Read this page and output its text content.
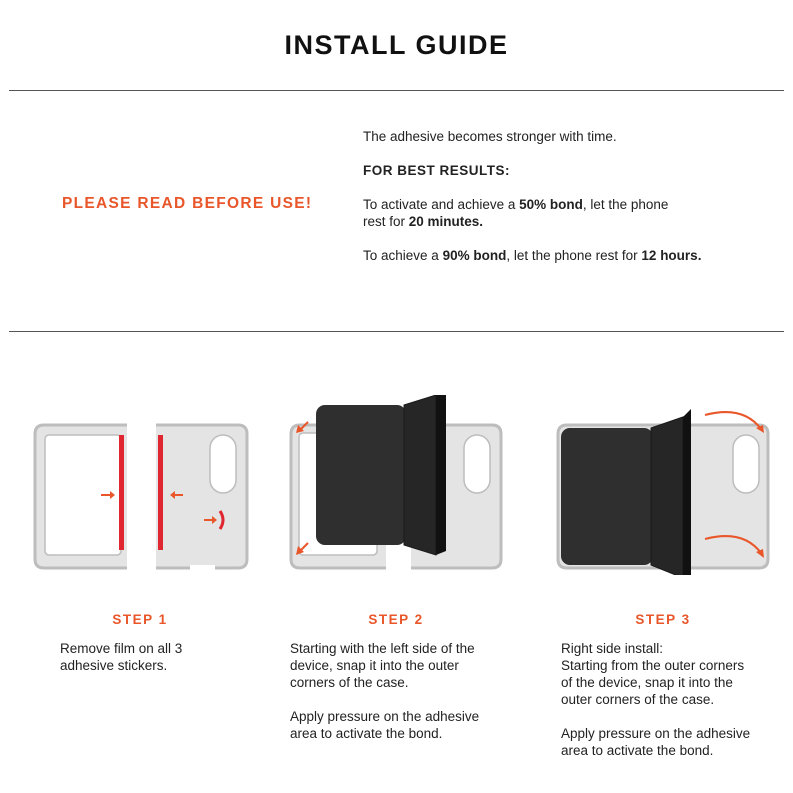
INSTALL GUIDE
PLEASE READ BEFORE USE!

The adhesive becomes stronger with time.

FOR BEST RESULTS:

To activate and achieve a 50% bond, let the phone
rest for 20 minutes.

To achieve a 90% bond, let the phone rest for 12 hours.

STEP 1	STEP 2	STEP 3

Remove film on all 3
adhesive stickers.

Starting with the left side of the
device, snap it into the outer
corners of the case.

Apply pressure on the adhesive
area to activate the bond.

Right side install:
Starting from the outer corners
of the device, snap it into the
outer corners of the case.

Apply pressure on the adhesive
area to activate the bond.
